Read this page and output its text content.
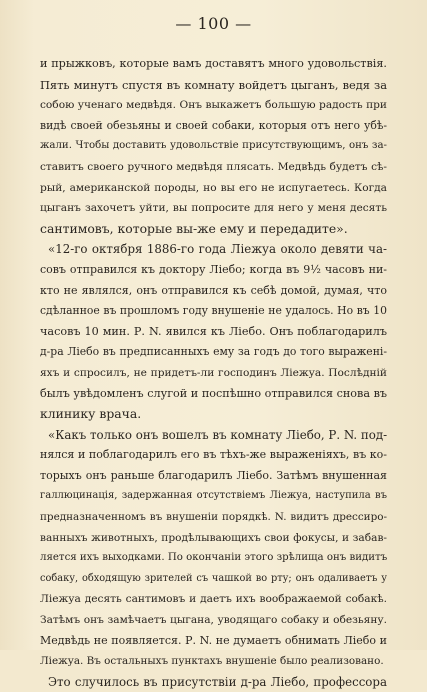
— 100 —
и прыжковъ, которые вамъ доставятъ много удовольствія.
Пять минутъ спустя въ комнату войдетъ цыганъ, ведя за
собою ученаго медвѣдя. Онъ выкажетъ большую радость при
видѣ своей обезьяны и своей собаки, которыя отъ него убѣ-
жали. Чтобы доставить удовольствіе присутствующимъ, онъ за-
ставитъ своего ручного медвѣдя плясать. Медвѣдь будетъ сѣ-
рый, американской породы, но вы его не испугаетесь. Когда
цыганъ захочетъ уйти, вы попросите для него у меня десять
сантимовъ, которые вы-же ему и передадите».
«12-го октября 1886-го года Ліежуа около девяти ча-
совъ отправился къ доктору Ліебо; когда въ 9½ часовъ ни-
кто не являлся, онъ отправился къ себѣ домой, думая, что
сдѣланное въ прошломъ году внушеніе не удалось. Но въ 10
часовъ 10 мин. Р. N. явился къ Ліебо. Онъ поблагодарилъ
д-ра Ліебо въ предписанныхъ ему за годъ до того выраженi-
яхъ и спросилъ, не придетъ-ли господинъ Ліежуа. Послѣдній
былъ увѣдомленъ слугой и поспѣшно отправился снова въ
клинику врача.
«Какъ только онъ вошелъ въ комнату Ліебо, Р. N. под-
нялся и поблагодарилъ его въ тѣхъ-же выраженіяхъ, въ ко-
торыхъ онъ раньше благодарилъ Ліебо. Затѣмъ внушенная
галлюцинація, задержанная отсутствіемъ Ліежуа, наступила въ
предназначенномъ въ внушеніи порядкѣ. N. видитъ дрессиро-
ванныхъ животныхъ, продѣлывающихъ свои фокусы, и забав-
ляется ихъ выходками. По окончаніи этого зрѣлища онъ видитъ
собаку, обходящую зрителей съ чашкой во рту; онъ одаливаетъ у
Ліежуа десять сантимовъ и даетъ ихъ воображаемой собакѣ.
Затѣмъ онъ замѣчаетъ цыгана, уводящаго собаку и обезьяну.
Медвѣдь не появляется. Р. N. не думаетъ обнимать Ліебо и
Ліежуа. Въ остальныхъ пунктахъ внушеніе было реализовано.
Это случилось въ присутствіи д-ра Ліебо, профессора
